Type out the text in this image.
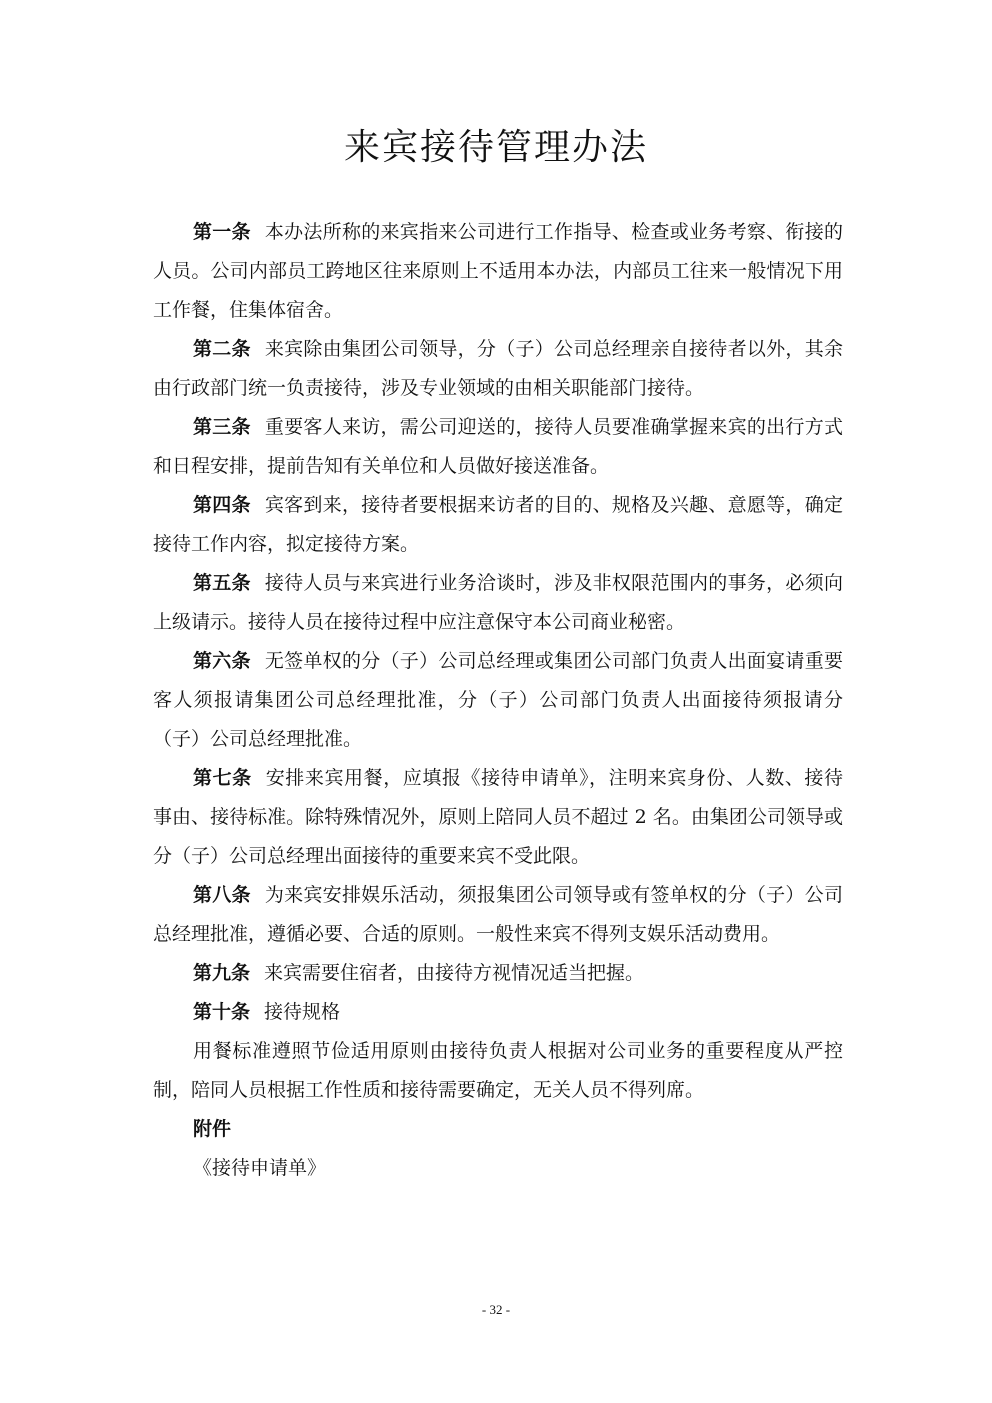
来宾接待管理办法

第一条 本办法所称的来宾指来公司进行工作指导、检查或业务考察、衔接的人员。公司内部员工跨地区往来原则上不适用本办法，内部员工往来一般情况下用工作餐，住集体宿舍。

第二条 来宾除由集团公司领导，分（子）公司总经理亲自接待者以外，其余由行政部门统一负责接待，涉及专业领域的由相关职能部门接待。

第三条 重要客人来访，需公司迎送的，接待人员要准确掌握来宾的出行方式和日程安排，提前告知有关单位和人员做好接送准备。

第四条 宾客到来，接待者要根据来访者的目的、规格及兴趣、意愿等，确定接待工作内容，拟定接待方案。

第五条 接待人员与来宾进行业务洽谈时，涉及非权限范围内的事务，必须向上级请示。接待人员在接待过程中应注意保守本公司商业秘密。

第六条 无签单权的分（子）公司总经理或集团公司部门负责人出面宴请重要客人须报请集团公司总经理批准，分（子）公司部门负责人出面接待须报请分（子）公司总经理批准。

第七条 安排来宾用餐，应填报《接待申请单》，注明来宾身份、人数、接待事由、接待标准。除特殊情况外，原则上陪同人员不超过 2 名。由集团公司领导或分（子）公司总经理出面接待的重要来宾不受此限。

第八条 为来宾安排娱乐活动，须报集团公司领导或有签单权的分（子）公司总经理批准，遵循必要、合适的原则。一般性来宾不得列支娱乐活动费用。

第九条 来宾需要住宿者，由接待方视情况适当把握。

第十条 接待规格

用餐标准遵照节俭适用原则由接待负责人根据对公司业务的重要程度从严控制，陪同人员根据工作性质和接待需要确定，无关人员不得列席。

附件

《接待申请单》

- 32 -
